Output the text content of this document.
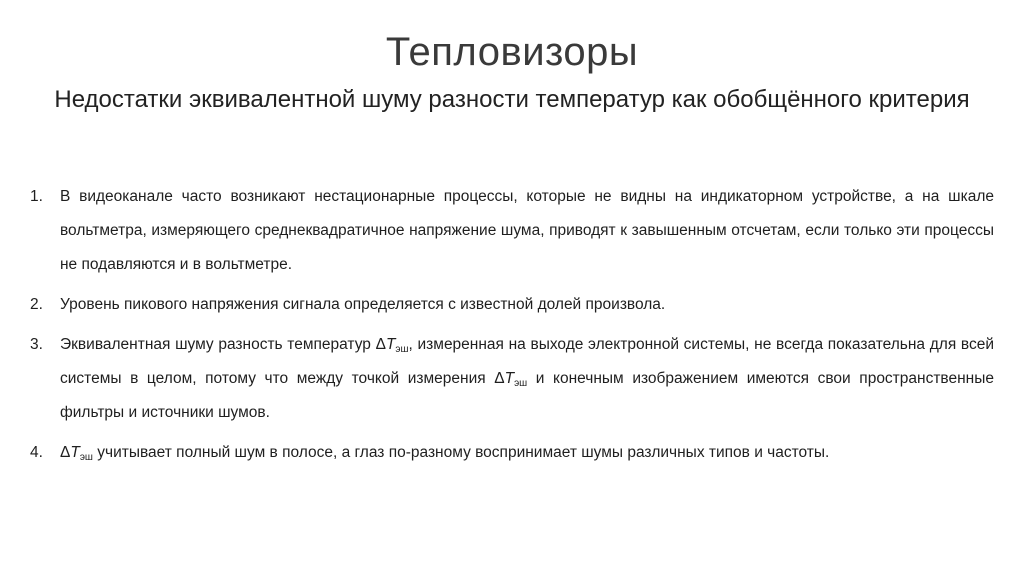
Тепловизоры
Недостатки эквивалентной шуму разности температур как обобщённого критерия
1.	В видеоканале часто возникают нестационарные процессы, которые не видны на индикаторном устройстве, а на шкале вольтметра, измеряющего среднеквадратичное напряжение шума, приводят к завышенным отсчетам, если только эти процессы не подавляются и в вольтметре.
2.	Уровень пикового напряжения сигнала определяется с известной долей произвола.
3.	Эквивалентная шуму разность температур $\Delta T_{эш}$, измеренная на выходе электронной системы, не всегда показательна для всей системы в целом, потому что между точкой измерения $\Delta T_{эш}$ и конечным изображением имеются свои пространственные фильтры и источники шумов.
4.	$\Delta T_{эш}$ учитывает полный шум в полосе, а глаз по-разному воспринимает шумы различных типов и частоты.
